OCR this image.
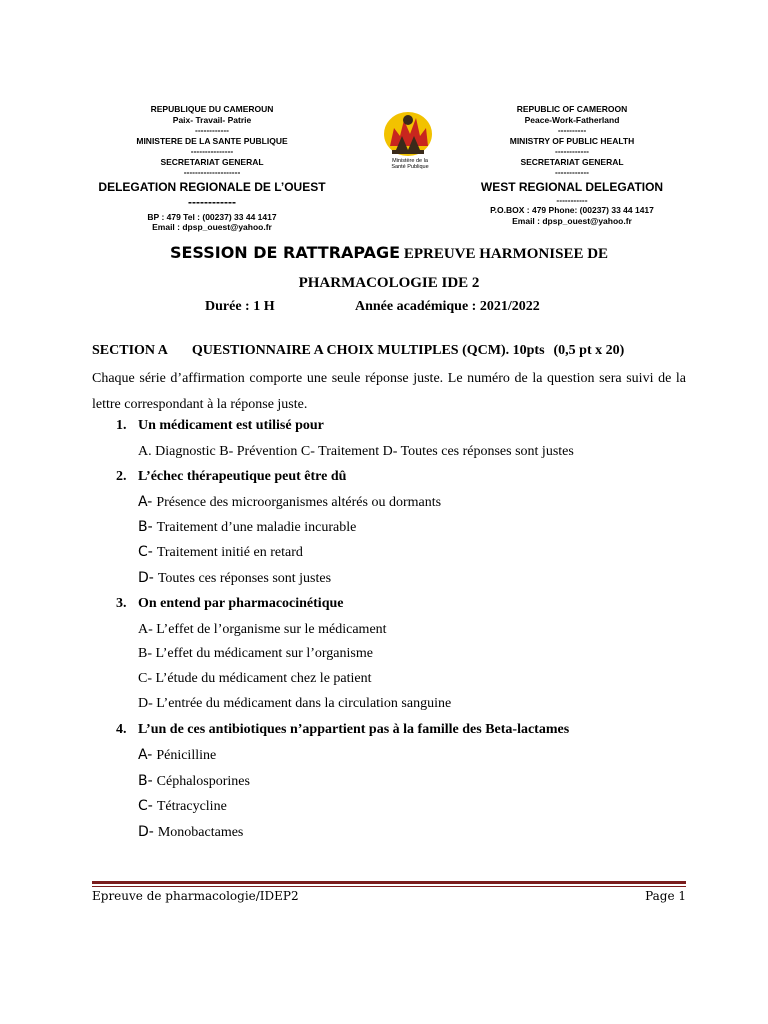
REPUBLIQUE DU CAMEROUN
Paix- Travail- Patrie
------------
MINISTERE DE LA SANTE PUBLIQUE
---------------
SECRETARIAT GENERAL
--------------------
DELEGATION REGIONALE DE L’OUEST
------------
BP : 479 Tel : (00237) 33 44 1417
Email : dpsp_ouest@yahoo.fr
Ministère de la
Santé Publique
REPUBLIC OF CAMEROON
Peace-Work-Fatherland
----------
MINISTRY OF PUBLIC HEALTH
------------
SECRETARIAT GENERAL
------------
WEST REGIONAL DELEGATION
-----------
P.O.BOX : 479 Phone: (00237) 33 44 1417
Email : dpsp_ouest@yahoo.fr
SESSION DE RATTRAPAGE EPREUVE HARMONISEE DE
PHARMACOLOGIE IDE 2
Durée : 1 H	Année académique : 2021/2022
SECTION A QUESTIONNAIRE A CHOIX MULTIPLES (QCM). 10pts (0,5 pt x 20)
Chaque série d’affirmation comporte une seule réponse juste. Le numéro de la question sera suivi de la lettre correspondant à la réponse juste.
1. Un médicament est utilisé pour
A. Diagnostic B- Prévention C- Traitement D- Toutes ces réponses sont justes
2. L’échec thérapeutique peut être dû
A- Présence des microorganismes altérés ou dormants
B- Traitement d’une maladie incurable
C- Traitement initié en retard
D- Toutes ces réponses sont justes
3. On entend par pharmacocinétique
A- L’effet de l’organisme sur le médicament
B- L’effet du médicament sur l’organisme
C- L’étude du médicament chez le patient
D- L’entrée du médicament dans la circulation sanguine
4. L’un de ces antibiotiques n’appartient pas à la famille des Beta-lactames
A- Pénicilline
B- Céphalosporines
C- Tétracycline
D- Monobactames
Epreuve de pharmacologie/IDEP2	Page 1
